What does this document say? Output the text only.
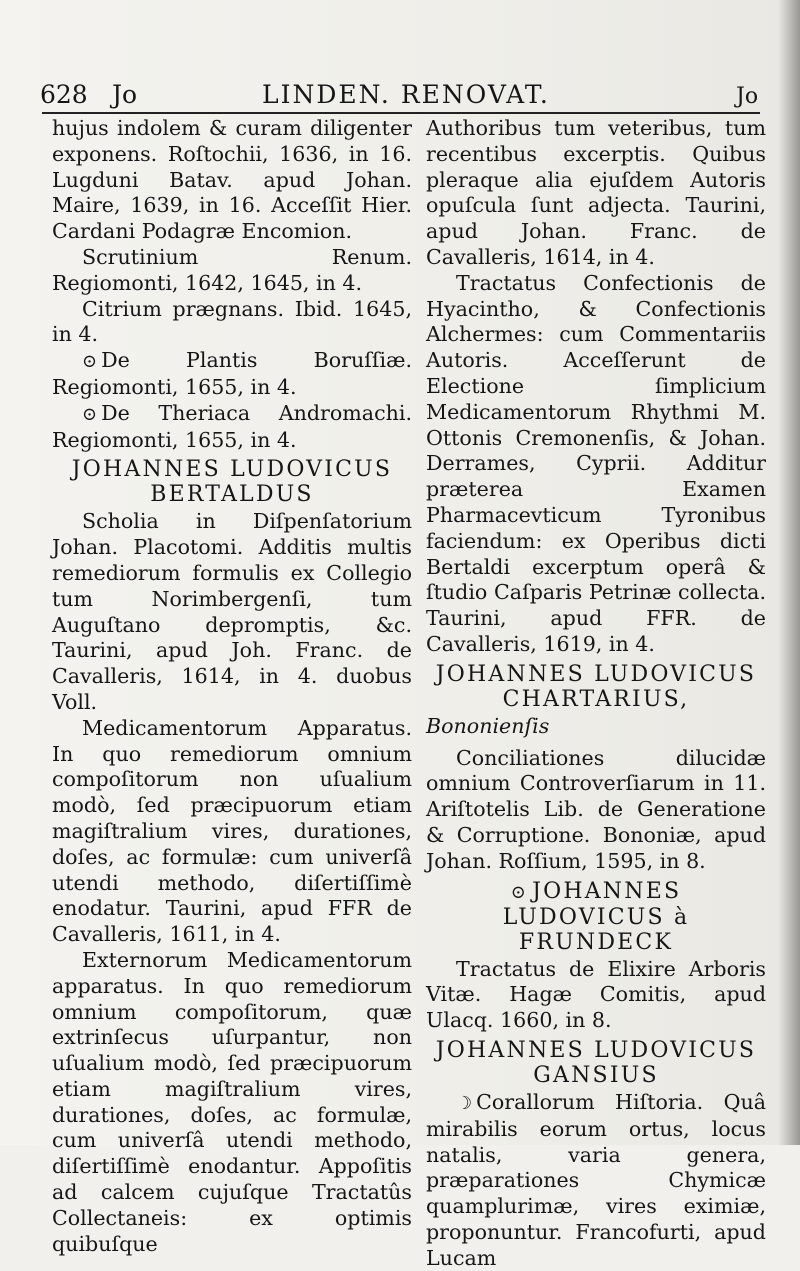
628 Jo	LINDEN. RENOVAT.	Jo

hujus indolem & curam diligenter exponens. Roſtochii, 1636, in 16. Lugduni Batav. apud Johan. Maire, 1639, in 16. Acceſſit Hier. Cardani Podagræ Encomion.

Scrutinium Renum. Regiomonti, 1642, 1645, in 4.

Citrium prægnans. Ibid. 1645, in 4.

⊙ De Plantis Boruſſiæ. Regiomonti, 1655, in 4.

⊙ De Theriaca Andromachi. Regiomonti, 1655, in 4.

JOHANNES LUDOVICUS BERTALDUS

Scholia in Diſpenſatorium Johan. Placotomi. Additis multis remediorum formulis ex Collegio tum Norimbergenſi, tum Auguſtano depromptis, &c. Taurini, apud Joh. Franc. de Cavalleris, 1614, in 4. duobus Voll.

Medicamentorum Apparatus. In quo remediorum omnium compoſitorum non uſualium modò, ſed præcipuorum etiam magiſtralium vires, durationes, doſes, ac formulæ: cum univerſâ utendi methodo, diſertiſſimè enodatur. Taurini, apud FFR de Cavalleris, 1611, in 4.

Externorum Medicamentorum apparatus. In quo remediorum omnium compoſitorum, quæ extrinſecus uſurpantur, non uſualium modò, ſed præcipuorum etiam magiſtralium vires, durationes, doſes, ac formulæ, cum univerſâ utendi methodo, diſertiſſimè enodantur. Appoſitis ad calcem cujuſque Tractatûs Collectaneis: ex optimis quibuſque

Authoribus tum veteribus, tum recentibus excerptis. Quibus pleraque alia ejuſdem Autoris opuſcula ſunt adjecta. Taurini, apud Johan. Franc. de Cavalleris, 1614, in 4.

Tractatus Confectionis de Hyacintho, & Confectionis Alchermes: cum Commentariis Autoris. Acceſſerunt de Electione ſimplicium Medicamentorum Rhythmi M. Ottonis Cremonenſis, & Johan. Derrames, Cyprii. Additur præterea Examen Pharmacevticum Tyronibus faciendum: ex Operibus dicti Bertaldi excerptum operâ & ſtudio Caſparis Petrinæ collecta. Taurini, apud FFR. de Cavalleris, 1619, in 4.

JOHANNES LUDOVICUS CHARTARIUS,

Bononienſis

Conciliationes dilucidæ omnium Controverſiarum in 11. Ariſtotelis Lib. de Generatione & Corruptione. Bononiæ, apud Johan. Roſſium, 1595, in 8.

⊙ JOHANNES LUDOVICUS à FRUNDECK

Tractatus de Elixire Arboris Vitæ. Hagæ Comitis, apud Ulacq. 1660, in 8.

JOHANNES LUDOVICUS GANSIUS

☽ Corallorum Hiſtoria. Quâ mirabilis eorum ortus, locus natalis, varia genera, præparationes Chymicæ quamplurimæ, vires eximiæ, proponuntur. Francofurti, apud Lucam
